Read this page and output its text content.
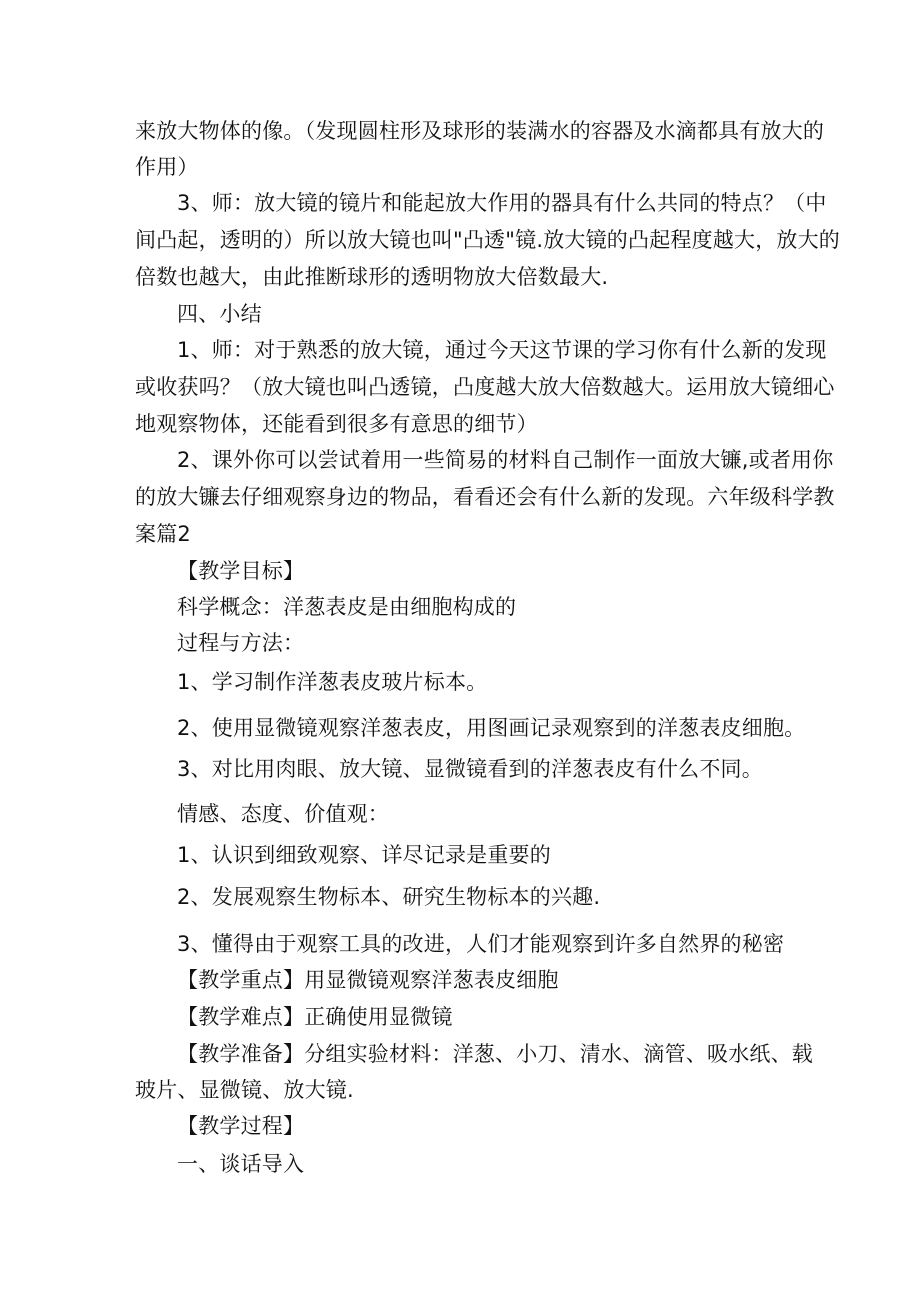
来放大物体的像。（发现圆柱形及球形的装满水的容器及水滴都具有放大的
作用）
3、师：放大镜的镜片和能起放大作用的器具有什么共同的特点？（中
间凸起，透明的）所以放大镜也叫"凸透"镜.放大镜的凸起程度越大，放大的
倍数也越大，由此推断球形的透明物放大倍数最大.
四、小结
1、师：对于熟悉的放大镜，通过今天这节课的学习你有什么新的发现
或收获吗？（放大镜也叫凸透镜，凸度越大放大倍数越大。运用放大镜细心
地观察物体，还能看到很多有意思的细节）
2、课外你可以尝试着用一些简易的材料自己制作一面放大镰,或者用你
的放大镰去仔细观察身边的物品，看看还会有什么新的发现。六年级科学教
案篇2
【教学目标】
科学概念：洋葱表皮是由细胞构成的
过程与方法：
1、学习制作洋葱表皮玻片标本。
2、使用显微镜观察洋葱表皮，用图画记录观察到的洋葱表皮细胞。
3、对比用肉眼、放大镜、显微镜看到的洋葱表皮有什么不同。
情感、态度、价值观：
1、认识到细致观察、详尽记录是重要的
2、发展观察生物标本、研究生物标本的兴趣.
3、懂得由于观察工具的改进，人们才能观察到许多自然界的秘密
【教学重点】用显微镜观察洋葱表皮细胞
【教学难点】正确使用显微镜
【教学准备】分组实验材料：洋葱、小刀、清水、滴管、吸水纸、载
玻片、显微镜、放大镜.
【教学过程】
一、谈话导入
